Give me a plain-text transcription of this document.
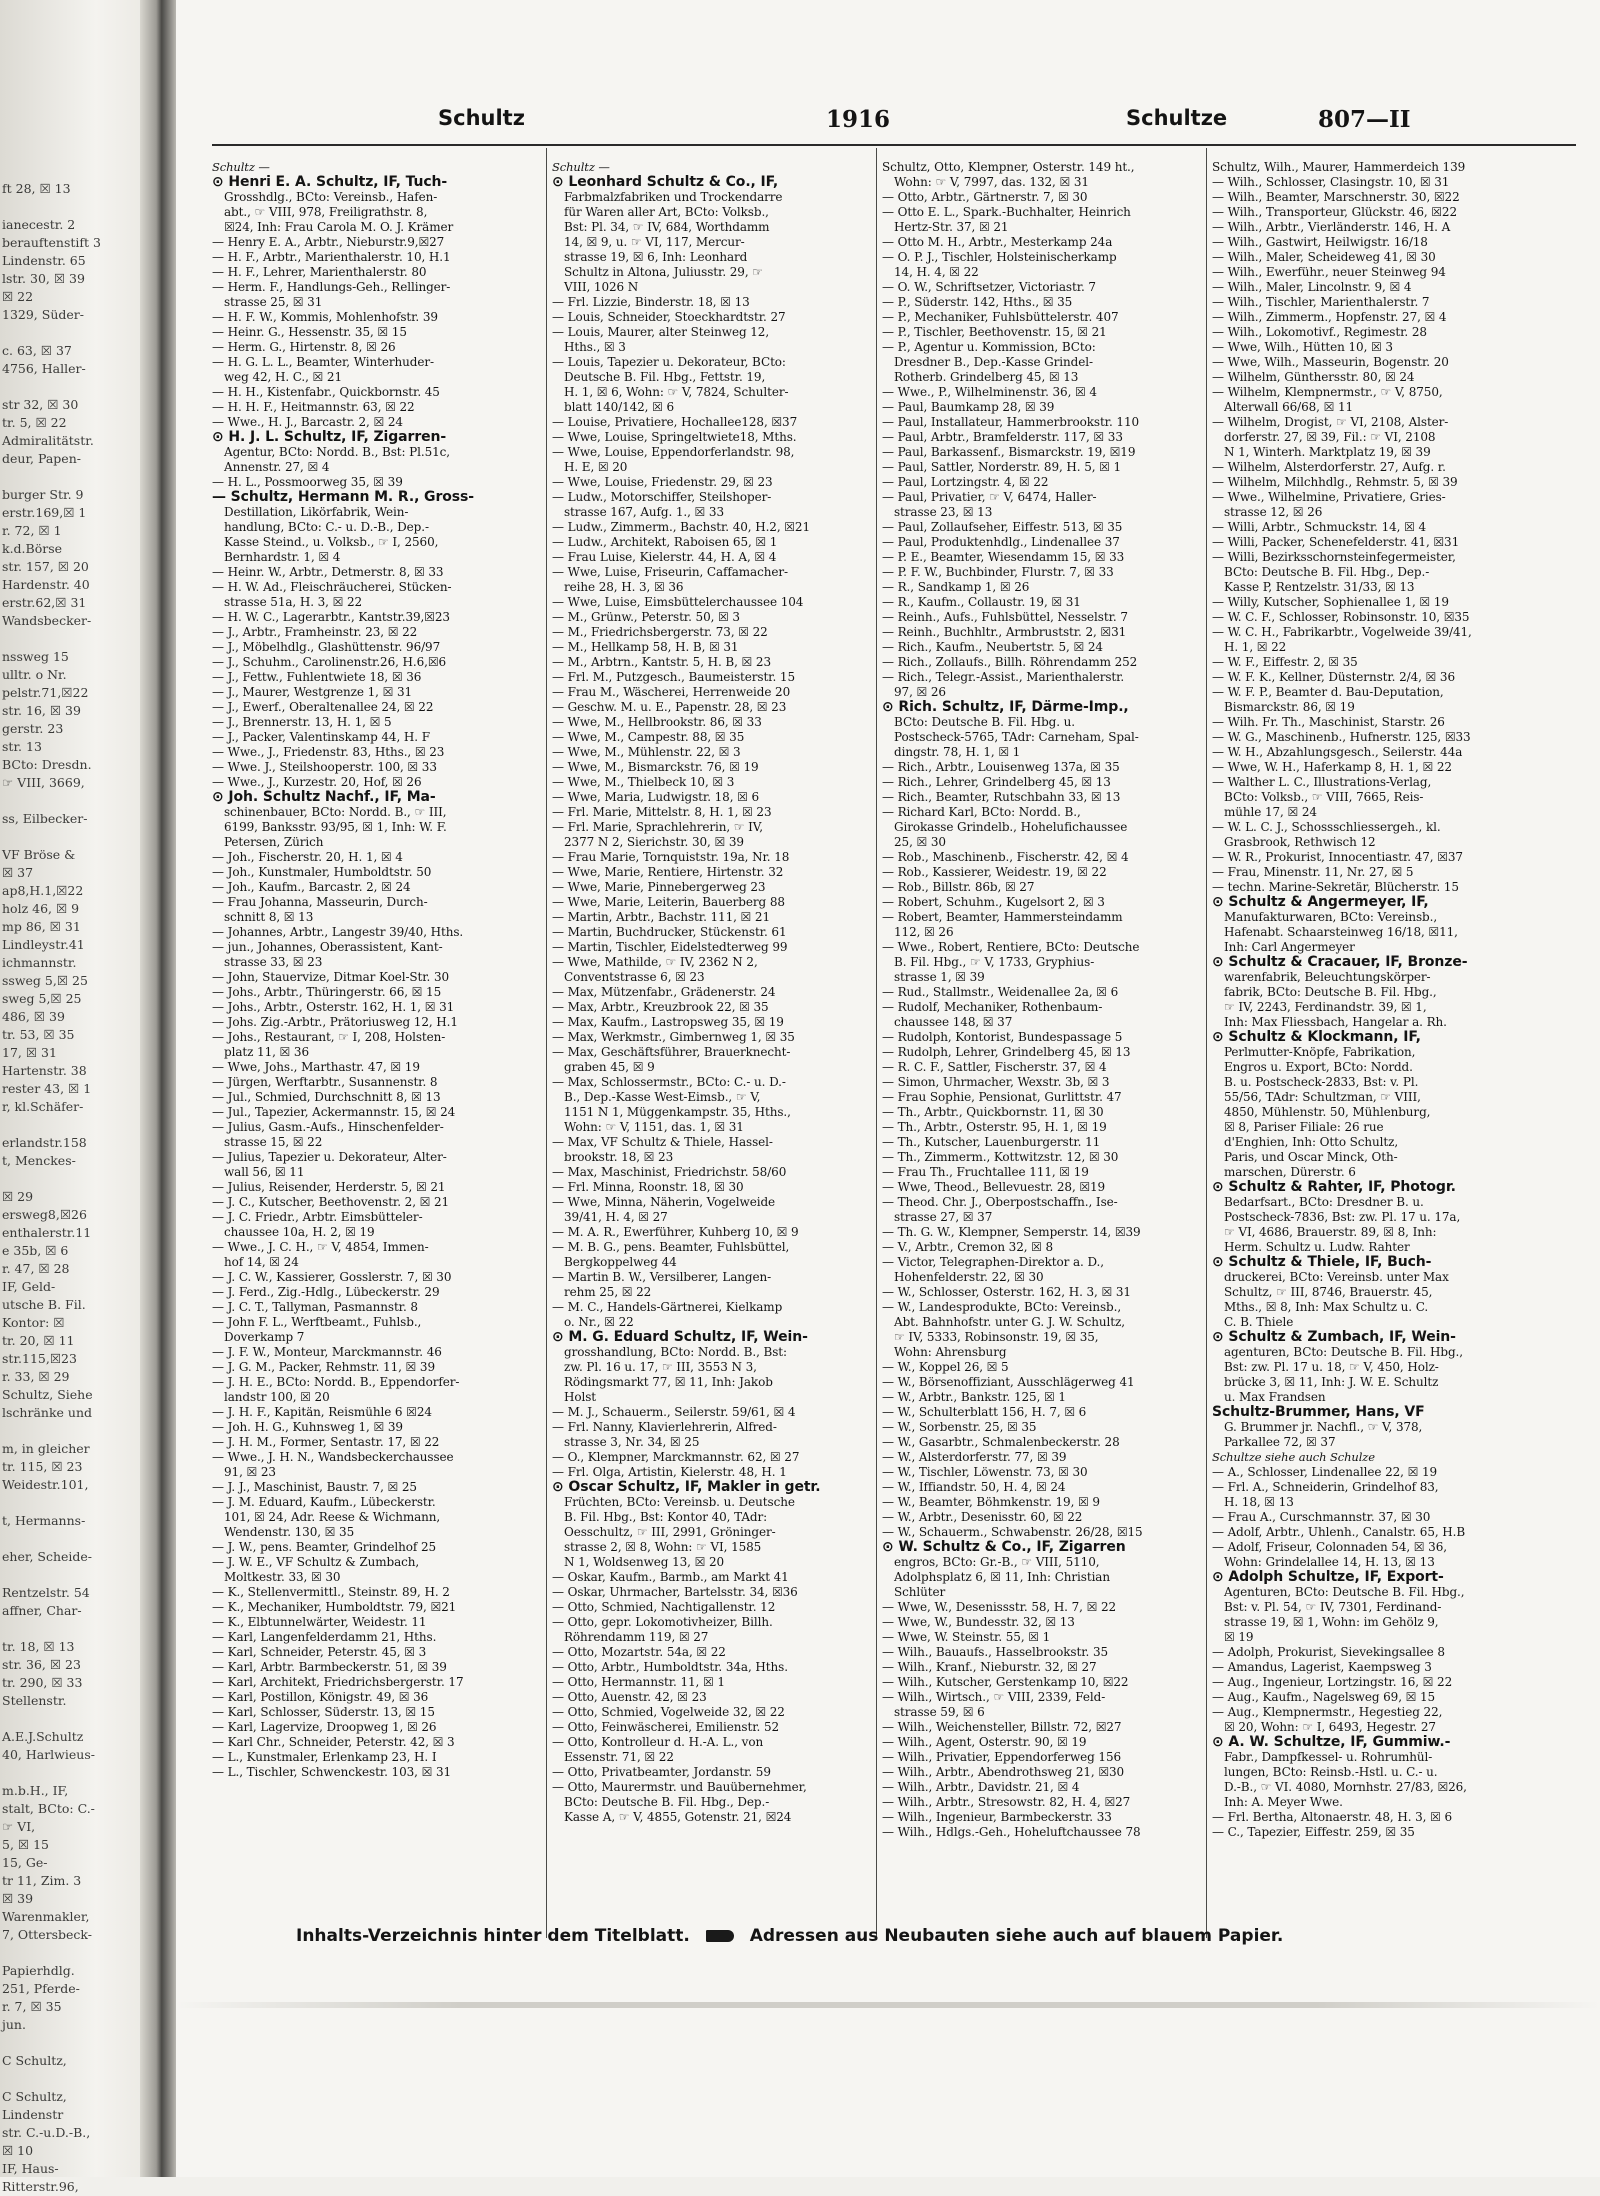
ft 28, ☒ 13
ianecestr. 2
berauftenstift 3
Lindenstr. 65
lstr. 30, ☒ 39
☒ 22
1329, Süder-
c. 63, ☒ 37
4756, Haller-
str 32, ☒ 30
tr. 5, ☒ 22
Admiralitätstr.
deur, Papen-
burger Str. 9
erstr.169,☒ 1
r. 72, ☒ 1
k.d.Börse
str. 157, ☒ 20
Hardenstr. 40
erstr.62,☒ 31
Wandsbecker-
nssweg 15
ulltr. o Nr.
pelstr.71,☒22
str. 16, ☒ 39
gerstr. 23
str. 13
BCto: Dresdn.
☞ VIII, 3669,
ss, Eilbecker-
VF Bröse &
☒ 37
ap8,H.1,☒22
holz 46, ☒ 9
mp 86, ☒ 31
Lindleystr.41
ichmannstr.
ssweg 5,☒ 25
sweg 5,☒ 25
486, ☒ 39
tr. 53, ☒ 35
17, ☒ 31
Hartenstr. 38
rester 43, ☒ 1
r, kl.Schäfer-
erlandstr.158
t, Menckes-
☒ 29
ersweg8,☒26
enthalerstr.11
e 35b, ☒ 6
r. 47, ☒ 28
IF, Geld-
utsche B. Fil.
Kontor: ☒
tr. 20, ☒ 11
str.115,☒23
r. 33, ☒ 29
Schultz, Siehe
lschränke und
m, in gleicher
tr. 115, ☒ 23
Weidestr.101,
t, Hermanns-
eher, Scheide-
Rentzelstr. 54
affner, Char-
tr. 18, ☒ 13
str. 36, ☒ 23
tr. 290, ☒ 33
Stellenstr.
A.E.J.Schultz
40, Harlwieus-
m.b.H., IF,
stalt, BCto: C.-
☞ VI,
5, ☒ 15
15, Ge-
tr 11, Zim. 3
☒ 39
Warenmakler,
7, Ottersbeck-
Papierhdlg.
251, Pferde-
r. 7, ☒ 35
jun.
C Schultz,
C Schultz,
Lindenstr
str. C.-u.D.-B.,
☒ 10
IF, Haus-
Ritterstr.96,
Schultz	1916	Schultze	807—II
Schultz —
⊙ Henri E. A. Schultz, IF, Tuch-
Grosshdlg., BCto: Vereinsb., Hafen-
abt., ☞ VIII, 978, Freiligrathstr. 8,
☒24, Inh: Frau Carola M. O. J. Krämer
— Henry E. A., Arbtr., Nieburstr.9,☒27
— H. F., Arbtr., Marienthalerstr. 10, H.1
— H. F., Lehrer, Marienthalerstr. 80
— Herm. F., Handlungs-Geh., Rellinger-
strasse 25, ☒ 31
— H. F. W., Kommis, Mohlenhofstr. 39
— Heinr. G., Hessenstr. 35, ☒ 15
— Herm. G., Hirtenstr. 8, ☒ 26
— H. G. L. L., Beamter, Winterhuder-
weg 42, H. C., ☒ 21
— H. H., Kistenfabr., Quickbornstr. 45
— H. H. F., Heitmannstr. 63, ☒ 22
— Wwe., H. J., Barcastr. 2, ☒ 24
⊙ H. J. L. Schultz, IF, Zigarren-
Agentur, BCto: Nordd. B., Bst: Pl.51c,
Annenstr. 27, ☒ 4
— H. L., Possmoorweg 35, ☒ 39
— Schultz, Hermann M. R., Gross-
Destillation, Likörfabrik, Wein-
handlung, BCto: C.- u. D.-B., Dep.-
Kasse Steind., u. Volksb., ☞ I, 2560,
Bernhardstr. 1, ☒ 4
— Heinr. W., Arbtr., Detmerstr. 8, ☒ 33
— H. W. Ad., Fleischräucherei, Stücken-
strasse 51a, H. 3, ☒ 22
— H. W. C., Lagerarbtr., Kantstr.39,☒23
— J., Arbtr., Framheinstr. 23, ☒ 22
— J., Möbelhdlg., Glashüttenstr. 96/97
— J., Schuhm., Carolinenstr.26, H.6,☒6
— J., Fettw., Fuhlentwiete 18, ☒ 36
— J., Maurer, Westgrenze 1, ☒ 31
— J., Ewerf., Oberaltenallee 24, ☒ 22
— J., Brennerstr. 13, H. 1, ☒ 5
— J., Packer, Valentinskamp 44, H. F
— Wwe., J., Friedenstr. 83, Hths., ☒ 23
— Wwe. J., Steilshooperstr. 100, ☒ 33
— Wwe., J., Kurzestr. 20, Hof, ☒ 26
⊙ Joh. Schultz Nachf., IF, Ma-
schinenbauer, BCto: Nordd. B., ☞ III,
6199, Banksstr. 93/95, ☒ 1, Inh: W. F.
Petersen, Zürich
— Joh., Fischerstr. 20, H. 1, ☒ 4
— Joh., Kunstmaler, Humboldtstr. 50
— Joh., Kaufm., Barcastr. 2, ☒ 24
— Frau Johanna, Masseurin, Durch-
schnitt 8, ☒ 13
— Johannes, Arbtr., Langestr 39/40, Hths.
— jun., Johannes, Oberassistent, Kant-
strasse 33, ☒ 23
— John, Stauervize, Ditmar Koel-Str. 30
— Johs., Arbtr., Thüringerstr. 66, ☒ 15
— Johs., Arbtr., Osterstr. 162, H. 1, ☒ 31
— Johs. Zig.-Arbtr., Prätoriusweg 12, H.1
— Johs., Restaurant, ☞ I, 208, Holsten-
platz 11, ☒ 36
— Wwe, Johs., Marthastr. 47, ☒ 19
— Jürgen, Werftarbtr., Susannenstr. 8
— Jul., Schmied, Durchschnitt 8, ☒ 13
— Jul., Tapezier, Ackermannstr. 15, ☒ 24
— Julius, Gasm.-Aufs., Hinschenfelder-
strasse 15, ☒ 22
— Julius, Tapezier u. Dekorateur, Alter-
wall 56, ☒ 11
— Julius, Reisender, Herderstr. 5, ☒ 21
— J. C., Kutscher, Beethovenstr. 2, ☒ 21
— J. C. Friedr., Arbtr. Eimsbütteler-
chaussee 10a, H. 2, ☒ 19
— Wwe., J. C. H., ☞ V, 4854, Immen-
hof 14, ☒ 24
— J. C. W., Kassierer, Gosslerstr. 7, ☒ 30
— J. Ferd., Zig.-Hdlg., Lübeckerstr. 29
— J. C. T., Tallyman, Pasmannstr. 8
— John F. L., Werftbeamt., Fuhlsb.,
Doverkamp 7
— J. F. W., Monteur, Marckmannstr. 46
— J. G. M., Packer, Rehmstr. 11, ☒ 39
— J. H. E., BCto: Nordd. B., Eppendorfer-
landstr 100, ☒ 20
— J. H. F., Kapitän, Reismühle 6 ☒24
— Joh. H. G., Kuhnsweg 1, ☒ 39
— J. H. M., Former, Sentastr. 17, ☒ 22
— Wwe., J. H. N., Wandsbeckerchaussee
91, ☒ 23
— J. J., Maschinist, Baustr. 7, ☒ 25
— J. M. Eduard, Kaufm., Lübeckerstr.
101, ☒ 24, Adr. Reese & Wichmann,
Wendenstr. 130, ☒ 35
— J. W., pens. Beamter, Grindelhof 25
— J. W. E., VF Schultz & Zumbach,
Moltkestr. 33, ☒ 30
— K., Stellenvermittl., Steinstr. 89, H. 2
— K., Mechaniker, Humboldtstr. 79, ☒21
— K., Elbtunnelwärter, Weidestr. 11
— Karl, Langenfelderdamm 21, Hths.
— Karl, Schneider, Peterstr. 45, ☒ 3
— Karl, Arbtr. Barmbeckerstr. 51, ☒ 39
— Karl, Architekt, Friedrichsbergerstr. 17
— Karl, Postillon, Königstr. 49, ☒ 36
— Karl, Schlosser, Süderstr. 13, ☒ 15
— Karl, Lagervize, Droopweg 1, ☒ 26
— Karl Chr., Schneider, Peterstr. 42, ☒ 3
— L., Kunstmaler, Erlenkamp 23, H. I
— L., Tischler, Schwenckestr. 103, ☒ 31
Schultz —
⊙ Leonhard Schultz & Co., IF,
Farbmalzfabriken und Trockendarre
für Waren aller Art, BCto: Volksb.,
Bst: Pl. 34, ☞ IV, 684, Worthdamm
14, ☒ 9, u. ☞ VI, 117, Mercur-
strasse 19, ☒ 6, Inh: Leonhard
Schultz in Altona, Juliusstr. 29, ☞
VIII, 1026 N
— Frl. Lizzie, Binderstr. 18, ☒ 13
— Louis, Schneider, Stoeckhardtstr. 27
— Louis, Maurer, alter Steinweg 12,
Hths., ☒ 3
— Louis, Tapezier u. Dekorateur, BCto:
Deutsche B. Fil. Hbg., Fettstr. 19,
H. 1, ☒ 6, Wohn: ☞ V, 7824, Schulter-
blatt 140/142, ☒ 6
— Louise, Privatiere, Hochallee128, ☒37
— Wwe, Louise, Springeltwiete18, Mths.
— Wwe, Louise, Eppendorferlandstr. 98,
H. E, ☒ 20
— Wwe, Louise, Friedenstr. 29, ☒ 23
— Ludw., Motorschiffer, Steilshoper-
strasse 167, Aufg. 1., ☒ 33
— Ludw., Zimmerm., Bachstr. 40, H.2, ☒21
— Ludw., Architekt, Raboisen 65, ☒ 1
— Frau Luise, Kielerstr. 44, H. A, ☒ 4
— Wwe, Luise, Friseurin, Caffamacher-
reihe 28, H. 3, ☒ 36
— Wwe, Luise, Eimsbüttelerchaussee 104
— M., Grünw., Peterstr. 50, ☒ 3
— M., Friedrichsbergerstr. 73, ☒ 22
— M., Hellkamp 58, H. B, ☒ 31
— M., Arbtrn., Kantstr. 5, H. B, ☒ 23
— Frl. M., Putzgesch., Baumeisterstr. 15
— Frau M., Wäscherei, Herrenweide 20
— Geschw. M. u. E., Papenstr. 28, ☒ 23
— Wwe, M., Hellbrookstr. 86, ☒ 33
— Wwe, M., Campestr. 88, ☒ 35
— Wwe, M., Mühlenstr. 22, ☒ 3
— Wwe, M., Bismarckstr. 76, ☒ 19
— Wwe, M., Thielbeck 10, ☒ 3
— Wwe, Maria, Ludwigstr. 18, ☒ 6
— Frl. Marie, Mittelstr. 8, H. 1, ☒ 23
— Frl. Marie, Sprachlehrerin, ☞ IV,
2377 N 2, Sierichstr. 30, ☒ 39
— Frau Marie, Tornquiststr. 19a, Nr. 18
— Wwe, Marie, Rentiere, Hirtenstr. 32
— Wwe, Marie, Pinnebergerweg 23
— Wwe, Marie, Leiterin, Bauerberg 88
— Martin, Arbtr., Bachstr. 111, ☒ 21
— Martin, Buchdrucker, Stückenstr. 61
— Martin, Tischler, Eidelstedterweg 99
— Wwe, Mathilde, ☞ IV, 2362 N 2,
Conventstrasse 6, ☒ 23
— Max, Mützenfabr., Grädenerstr. 24
— Max, Arbtr., Kreuzbrook 22, ☒ 35
— Max, Kaufm., Lastropsweg 35, ☒ 19
— Max, Werkmstr., Gimbernweg 1, ☒ 35
— Max, Geschäftsführer, Brauerknecht-
graben 45, ☒ 9
— Max, Schlossermstr., BCto: C.- u. D.-
B., Dep.-Kasse West-Eimsb., ☞ V,
1151 N 1, Müggenkampstr. 35, Hths.,
Wohn: ☞ V, 1151, das. 1, ☒ 31
— Max, VF Schultz & Thiele, Hassel-
brookstr. 18, ☒ 23
— Max, Maschinist, Friedrichstr. 58/60
— Frl. Minna, Roonstr. 18, ☒ 30
— Wwe, Minna, Näherin, Vogelweide
39/41, H. 4, ☒ 27
— M. A. R., Ewerführer, Kuhberg 10, ☒ 9
— M. B. G., pens. Beamter, Fuhlsbüttel,
Bergkoppelweg 44
— Martin B. W., Versilberer, Langen-
rehm 25, ☒ 22
— M. C., Handels-Gärtnerei, Kielkamp
o. Nr., ☒ 22
⊙ M. G. Eduard Schultz, IF, Wein-
grosshandlung, BCto: Nordd. B., Bst:
zw. Pl. 16 u. 17, ☞ III, 3553 N 3,
Rödingsmarkt 77, ☒ 11, Inh: Jakob
Holst
— M. J., Schauerm., Seilerstr. 59/61, ☒ 4
— Frl. Nanny, Klavierlehrerin, Alfred-
strasse 3, Nr. 34, ☒ 25
— O., Klempner, Marckmannstr. 62, ☒ 27
— Frl. Olga, Artistin, Kielerstr. 48, H. 1
⊙ Oscar Schultz, IF, Makler in getr.
Früchten, BCto: Vereinsb. u. Deutsche
B. Fil. Hbg., Bst: Kontor 40, TAdr:
Oesschultz, ☞ III, 2991, Gröninger-
strasse 2, ☒ 8, Wohn: ☞ VI, 1585
N 1, Woldsenweg 13, ☒ 20
— Oskar, Kaufm., Barmb., am Markt 41
— Oskar, Uhrmacher, Bartelsstr. 34, ☒36
— Otto, Schmied, Nachtigallenstr. 12
— Otto, gepr. Lokomotivheizer, Billh.
Röhrendamm 119, ☒ 27
— Otto, Mozartstr. 54a, ☒ 22
— Otto, Arbtr., Humboldtstr. 34a, Hths.
— Otto, Hermannstr. 11, ☒ 1
— Otto, Auenstr. 42, ☒ 23
— Otto, Schmied, Vogelweide 32, ☒ 22
— Otto, Feinwäscherei, Emilienstr. 52
— Otto, Kontrolleur d. H.-A. L., von
Essenstr. 71, ☒ 22
— Otto, Privatbeamter, Jordanstr. 59
— Otto, Maurermstr. und Bauübernehmer,
BCto: Deutsche B. Fil. Hbg., Dep.-
Kasse A, ☞ V, 4855, Gotenstr. 21, ☒24
Schultz, Otto, Klempner, Osterstr. 149 ht.,
Wohn: ☞ V, 7997, das. 132, ☒ 31
— Otto, Arbtr., Gärtnerstr. 7, ☒ 30
— Otto E. L., Spark.-Buchhalter, Heinrich
Hertz-Str. 37, ☒ 21
— Otto M. H., Arbtr., Mesterkamp 24a
— O. P. J., Tischler, Holsteinischerkamp
14, H. 4, ☒ 22
— O. W., Schriftsetzer, Victoriastr. 7
— P., Süderstr. 142, Hths., ☒ 35
— P., Mechaniker, Fuhlsbüttelerstr. 407
— P., Tischler, Beethovenstr. 15, ☒ 21
— P., Agentur u. Kommission, BCto:
Dresdner B., Dep.-Kasse Grindel-
Rotherb. Grindelberg 45, ☒ 13
— Wwe., P., Wilhelminenstr. 36, ☒ 4
— Paul, Baumkamp 28, ☒ 39
— Paul, Installateur, Hammerbrookstr. 110
— Paul, Arbtr., Bramfelderstr. 117, ☒ 33
— Paul, Barkassenf., Bismarckstr. 19, ☒19
— Paul, Sattler, Norderstr. 89, H. 5, ☒ 1
— Paul, Lortzingstr. 4, ☒ 22
— Paul, Privatier, ☞ V, 6474, Haller-
strasse 23, ☒ 13
— Paul, Zollaufseher, Eiffestr. 513, ☒ 35
— Paul, Produktenhdlg., Lindenallee 37
— P. E., Beamter, Wiesendamm 15, ☒ 33
— P. F. W., Buchbinder, Flurstr. 7, ☒ 33
— R., Sandkamp 1, ☒ 26
— R., Kaufm., Collaustr. 19, ☒ 31
— Reinh., Aufs., Fuhlsbüttel, Nesselstr. 7
— Reinh., Buchhltr., Armbruststr. 2, ☒31
— Rich., Kaufm., Neubertstr. 5, ☒ 24
— Rich., Zollaufs., Billh. Röhrendamm 252
— Rich., Telegr.-Assist., Marienthalerstr.
97, ☒ 26
⊙ Rich. Schultz, IF, Därme-Imp.,
BCto: Deutsche B. Fil. Hbg. u.
Postscheck-5765, TAdr: Carneham, Spal-
dingstr. 78, H. 1, ☒ 1
— Rich., Arbtr., Louisenweg 137a, ☒ 35
— Rich., Lehrer, Grindelberg 45, ☒ 13
— Rich., Beamter, Rutschbahn 33, ☒ 13
— Richard Karl, BCto: Nordd. B.,
Girokasse Grindelb., Hohelufichaussee
25, ☒ 30
— Rob., Maschinenb., Fischerstr. 42, ☒ 4
— Rob., Kassierer, Weidestr. 19, ☒ 22
— Rob., Billstr. 86b, ☒ 27
— Robert, Schuhm., Kugelsort 2, ☒ 3
— Robert, Beamter, Hammersteindamm
112, ☒ 26
— Wwe., Robert, Rentiere, BCto: Deutsche
B. Fil. Hbg., ☞ V, 1733, Gryphius-
strasse 1, ☒ 39
— Rud., Stallmstr., Weidenallee 2a, ☒ 6
— Rudolf, Mechaniker, Rothenbaum-
chaussee 148, ☒ 37
— Rudolph, Kontorist, Bundespassage 5
— Rudolph, Lehrer, Grindelberg 45, ☒ 13
— R. C. F., Sattler, Fischerstr. 37, ☒ 4
— Simon, Uhrmacher, Wexstr. 3b, ☒ 3
— Frau Sophie, Pensionat, Gurlittstr. 47
— Th., Arbtr., Quickbornstr. 11, ☒ 30
— Th., Arbtr., Osterstr. 95, H. 1, ☒ 19
— Th., Kutscher, Lauenburgerstr. 11
— Th., Zimmerm., Kottwitzstr. 12, ☒ 30
— Frau Th., Fruchtallee 111, ☒ 19
— Wwe, Theod., Bellevuestr. 28, ☒19
— Theod. Chr. J., Oberpostschaffn., Ise-
strasse 27, ☒ 37
— Th. G. W., Klempner, Semperstr. 14, ☒39
— V., Arbtr., Cremon 32, ☒ 8
— Victor, Telegraphen-Direktor a. D.,
Hohenfelderstr. 22, ☒ 30
— W., Schlosser, Osterstr. 162, H. 3, ☒ 31
— W., Landesprodukte, BCto: Vereinsb.,
Abt. Bahnhofstr. unter G. J. W. Schultz,
☞ IV, 5333, Robinsonstr. 19, ☒ 35,
Wohn: Ahrensburg
— W., Koppel 26, ☒ 5
— W., Börsenoffiziant, Ausschlägerweg 41
— W., Arbtr., Bankstr. 125, ☒ 1
— W., Schulterblatt 156, H. 7, ☒ 6
— W., Sorbenstr. 25, ☒ 35
— W., Gasarbtr., Schmalenbeckerstr. 28
— W., Alsterdorferstr. 77, ☒ 39
— W., Tischler, Löwenstr. 73, ☒ 30
— W., Iffiandstr. 50, H. 4, ☒ 24
— W., Beamter, Böhmkenstr. 19, ☒ 9
— W., Arbtr., Desenisstr. 60, ☒ 22
— W., Schauerm., Schwabenstr. 26/28, ☒15
⊙ W. Schultz & Co., IF, Zigarren
engros, BCto: Gr.-B., ☞ VIII, 5110,
Adolphsplatz 6, ☒ 11, Inh: Christian
Schlüter
— Wwe, W., Desenissstr. 58, H. 7, ☒ 22
— Wwe, W., Bundesstr. 32, ☒ 13
— Wwe, W. Steinstr. 55, ☒ 1
— Wilh., Bauaufs., Hasselbrookstr. 35
— Wilh., Kranf., Nieburstr. 32, ☒ 27
— Wilh., Kutscher, Gerstenkamp 10, ☒22
— Wilh., Wirtsch., ☞ VIII, 2339, Feld-
strasse 59, ☒ 6
— Wilh., Weichensteller, Billstr. 72, ☒27
— Wilh., Agent, Osterstr. 90, ☒ 19
— Wilh., Privatier, Eppendorferweg 156
— Wilh., Arbtr., Abendrothsweg 21, ☒30
— Wilh., Arbtr., Davidstr. 21, ☒ 4
— Wilh., Arbtr., Stresowstr. 82, H. 4, ☒27
— Wilh., Ingenieur, Barmbeckerstr. 33
— Wilh., Hdlgs.-Geh., Hoheluftchaussee 78
Schultz, Wilh., Maurer, Hammerdeich 139
— Wilh., Schlosser, Clasingstr. 10, ☒ 31
— Wilh., Beamter, Marschnerstr. 30, ☒22
— Wilh., Transporteur, Glückstr. 46, ☒22
— Wilh., Arbtr., Vierländerstr. 146, H. A
— Wilh., Gastwirt, Heilwigstr. 16/18
— Wilh., Maler, Scheideweg 41, ☒ 30
— Wilh., Ewerführ., neuer Steinweg 94
— Wilh., Maler, Lincolnstr. 9, ☒ 4
— Wilh., Tischler, Marienthalerstr. 7
— Wilh., Zimmerm., Hopfenstr. 27, ☒ 4
— Wilh., Lokomotivf., Regimestr. 28
— Wwe, Wilh., Hütten 10, ☒ 3
— Wwe, Wilh., Masseurin, Bogenstr. 20
— Wilhelm, Günthersstr. 80, ☒ 24
— Wilhelm, Klempnermstr., ☞ V, 8750,
Alterwall 66/68, ☒ 11
— Wilhelm, Drogist, ☞ VI, 2108, Alster-
dorferstr. 27, ☒ 39, Fil.: ☞ VI, 2108
N 1, Winterh. Marktplatz 19, ☒ 39
— Wilhelm, Alsterdorferstr. 27, Aufg. r.
— Wilhelm, Milchhdlg., Rehmstr. 5, ☒ 39
— Wwe., Wilhelmine, Privatiere, Gries-
strasse 12, ☒ 26
— Willi, Arbtr., Schmuckstr. 14, ☒ 4
— Willi, Packer, Schenefelderstr. 41, ☒31
— Willi, Bezirksschornsteinfegermeister,
BCto: Deutsche B. Fil. Hbg., Dep.-
Kasse P, Rentzelstr. 31/33, ☒ 13
— Willy, Kutscher, Sophienallee 1, ☒ 19
— W. C. F., Schlosser, Robinsonstr. 10, ☒35
— W. C. H., Fabrikarbtr., Vogelweide 39/41,
H. 1, ☒ 22
— W. F., Eiffestr. 2, ☒ 35
— W. F. K., Kellner, Düsternstr. 2/4, ☒ 36
— W. F. P., Beamter d. Bau-Deputation,
Bismarckstr. 86, ☒ 19
— Wilh. Fr. Th., Maschinist, Starstr. 26
— W. G., Maschinenb., Hufnerstr. 125, ☒33
— W. H., Abzahlungsgesch., Seilerstr. 44a
— Wwe, W. H., Haferkamp 8, H. 1, ☒ 22
— Walther L. C., Illustrations-Verlag,
BCto: Volksb., ☞ VIII, 7665, Reis-
mühle 17, ☒ 24
— W. L. C. J., Schossschliessergeh., kl.
Grasbrook, Rethwisch 12
— W. R., Prokurist, Innocentiastr. 47, ☒37
— Frau, Minenstr. 11, Nr. 27, ☒ 5
— techn. Marine-Sekretär, Blücherstr. 15
⊙ Schultz & Angermeyer, IF,
Manufakturwaren, BCto: Vereinsb.,
Hafenabt. Schaarsteinweg 16/18, ☒11,
Inh: Carl Angermeyer
⊙ Schultz & Cracauer, IF, Bronze-
warenfabrik, Beleuchtungskörper-
fabrik, BCto: Deutsche B. Fil. Hbg.,
☞ IV, 2243, Ferdinandstr. 39, ☒ 1,
Inh: Max Fliessbach, Hangelar a. Rh.
⊙ Schultz & Klockmann, IF,
Perlmutter-Knöpfe, Fabrikation,
Engros u. Export, BCto: Nordd.
B. u. Postscheck-2833, Bst: v. Pl.
55/56, TAdr: Schultzman, ☞ VIII,
4850, Mühlenstr. 50, Mühlenburg,
☒ 8, Pariser Filiale: 26 rue
d'Enghien, Inh: Otto Schultz,
Paris, und Oscar Minck, Oth-
marschen, Dürerstr. 6
⊙ Schultz & Rahter, IF, Photogr.
Bedarfsart., BCto: Dresdner B. u.
Postscheck-7836, Bst: zw. Pl. 17 u. 17a,
☞ VI, 4686, Brauerstr. 89, ☒ 8, Inh:
Herm. Schultz u. Ludw. Rahter
⊙ Schultz & Thiele, IF, Buch-
druckerei, BCto: Vereinsb. unter Max
Schultz, ☞ III, 8746, Brauerstr. 45,
Mths., ☒ 8, Inh: Max Schultz u. C.
C. B. Thiele
⊙ Schultz & Zumbach, IF, Wein-
agenturen, BCto: Deutsche B. Fil. Hbg.,
Bst: zw. Pl. 17 u. 18, ☞ V, 450, Holz-
brücke 3, ☒ 11, Inh: J. W. E. Schultz
u. Max Frandsen
Schultz-Brummer, Hans, VF
G. Brummer jr. Nachfl., ☞ V, 378,
Parkallee 72, ☒ 37
Schultze siehe auch Schulze
— A., Schlosser, Lindenallee 22, ☒ 19
— Frl. A., Schneiderin, Grindelhof 83,
H. 18, ☒ 13
— Frau A., Curschmannstr. 37, ☒ 30
— Adolf, Arbtr., Uhlenh., Canalstr. 65, H.B
— Adolf, Friseur, Colonnaden 54, ☒ 36,
Wohn: Grindelallee 14, H. 13, ☒ 13
⊙ Adolph Schultze, IF, Export-
Agenturen, BCto: Deutsche B. Fil. Hbg.,
Bst: v. Pl. 54, ☞ IV, 7301, Ferdinand-
strasse 19, ☒ 1, Wohn: im Gehölz 9,
☒ 19
— Adolph, Prokurist, Sievekingsallee 8
— Amandus, Lagerist, Kaempsweg 3
— Aug., Ingenieur, Lortzingstr. 16, ☒ 22
— Aug., Kaufm., Nagelsweg 69, ☒ 15
— Aug., Klempnermstr., Hegestieg 22,
☒ 20, Wohn: ☞ I, 6493, Hegestr. 27
⊙ A. W. Schultze, IF, Gummiw.-
Fabr., Dampfkessel- u. Rohrumhül-
lungen, BCto: Reinsb.-Hstl. u. C.- u.
D.-B., ☞ VI. 4080, Mornhstr. 27/83, ☒26,
Inh: A. Meyer Wwe.
— Frl. Bertha, Altonaerstr. 48, H. 3, ☒ 6
— C., Tapezier, Eiffestr. 259, ☒ 35
Inhalts-Verzeichnis hinter dem Titelblatt.	Adressen aus Neubauten siehe auch auf blauem Papier.
